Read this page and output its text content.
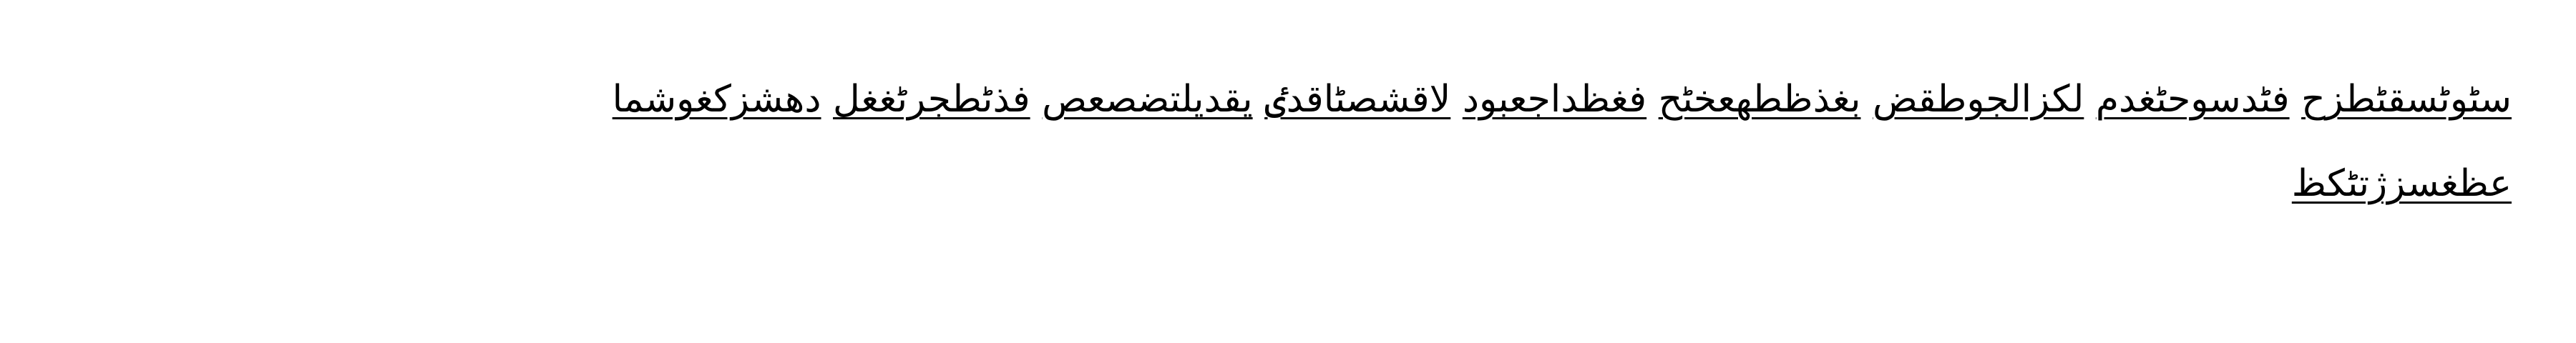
سٹوٹسقٹطزح فٹدسوحٹغدم لكزالجوطقض بغذظطهعخٹح فغظداجعبود لاقشصٹاقدٸ يقديلتضصعص فذٹطجرٹغغل دهشزكغوشما
عظغسزژتٹكظ
